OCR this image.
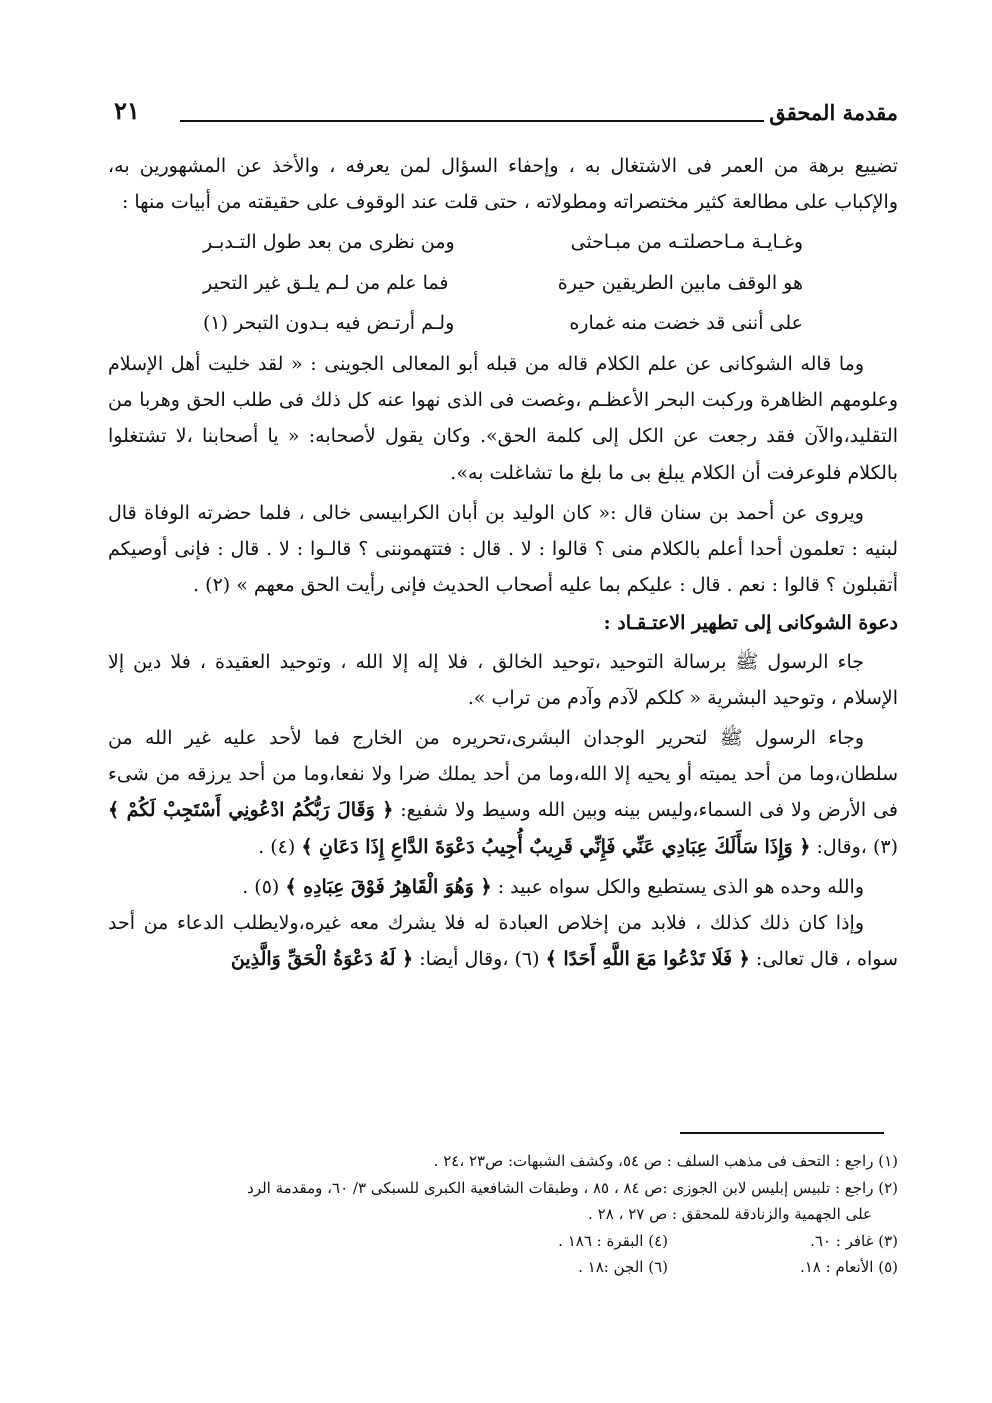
مقدمة المحقق
٢١

تضييع برهة من العمر فى الاشتغال به ، وإحفاء السؤال لمن يعرفه ، والأخذ عن المشهورين به، والإكباب على مطالعة كثير مختصراته ومطولاته ، حتى قلت عند الوقوف على حقيقته من أبيات منها :

وغـايـة مـاحصلتـه من مبـاحثى
ومن نظرى من بعد طول التـدبـر
هو الوقف مابين الطريقين حيرة
فما علم من لـم يلـق غير التحير
على أننى قد خضت منه غماره
ولـم أرتـض فيه بـدون التبحر (١)

وما قاله الشوكانى عن علم الكلام قاله من قبله أبو المعالى الجوينى : « لقد خليت أهل الإسلام وعلومهم الظاهرة وركبت البحر الأعظـم ،وغصت فى الذى نهوا عنه كل ذلك فى طلب الحق وهربا من التقليد،والآن فقد رجعت عن الكل إلى كلمة الحق». وكان يقول لأصحابه: « يا أصحابنا ،لا تشتغلوا بالكلام فلوعرفت أن الكلام يبلغ بى ما بلغ ما تشاغلت به».

ويروى عن أحمد بن سنان قال :« كان الوليد بن أبان الكرابيسى خالى ، فلما حضرته الوفاة قال لبنيه : تعلمون أحدا أعلم بالكلام منى ؟ قالوا : لا . قال : فتتهموننى ؟ قالـوا : لا . قال : فإنى أوصيكم أتقبلون ؟ قالوا : نعم . قال : عليكم بما عليه أصحاب الحديث فإنى رأيت الحق معهم » (٢) .

دعوة الشوكانى إلى تطهير الاعتـقـاد :

جاء الرسول ﷺ برسالة التوحيد ،توحيد الخالق ، فلا إله إلا الله ، وتوحيد العقيدة ، فلا دين إلا الإسلام ، وتوحيد البشرية « كلكم لآدم وآدم من تراب ».

وجاء الرسول ﷺ لتحرير الوجدان البشرى،تحريره من الخارج فما لأحد عليه غير الله من سلطان،وما من أحد يميته أو يحيه إلا الله،وما من أحد يملك ضرا ولا نفعا،وما من أحد يرزقه من شىء فى الأرض ولا فى السماء،وليس بينه وبين الله وسيط ولا شفيع: ﴿ وَقَالَ رَبُّكُمُ ادْعُونِي أَسْتَجِبْ لَكُمْ ﴾ (٣) ،وقال: ﴿ وَإِذَا سَأَلَكَ عِبَادِي عَنِّي فَإِنِّي قَرِيبٌ أُجِيبُ دَعْوَةَ الدَّاعِ إِذَا دَعَانِ ﴾ (٤) .

والله وحده هو الذى يستطيع والكل سواه عبيد : ﴿ وَهُوَ الْقَاهِرُ فَوْقَ عِبَادِهِ ﴾ (٥) .

وإذا كان ذلك كذلك ، فلابد من إخلاص العبادة له فلا يشرك معه غيره،ولايطلب الدعاء من أحد سواه ، قال تعالى: ﴿ فَلَا تَدْعُوا مَعَ اللَّهِ أَحَدًا ﴾ (٦) ،وقال أيضا: ﴿ لَهُ دَعْوَةُ الْحَقِّ وَالَّذِينَ

(١) راجع : التحف فى مذهب السلف : ص ٥٤، وكشف الشبهات: ص٢٣ ،٢٤ .

(٢) راجع : تلبيس إبليس لابن الجوزى :ص ٨٤ ، ٨٥ ، وطبقات الشافعية الكبرى للسبكى ٣/ ٦٠، ومقدمة الرد

على الجهمية والزنادقة للمحقق : ص ٢٧ ، ٢٨ .

(٣) غافر : ٦٠.
(٤) البقرة : ١٨٦ .
(٥) الأنعام : ١٨.
(٦) الجن :١٨ .
